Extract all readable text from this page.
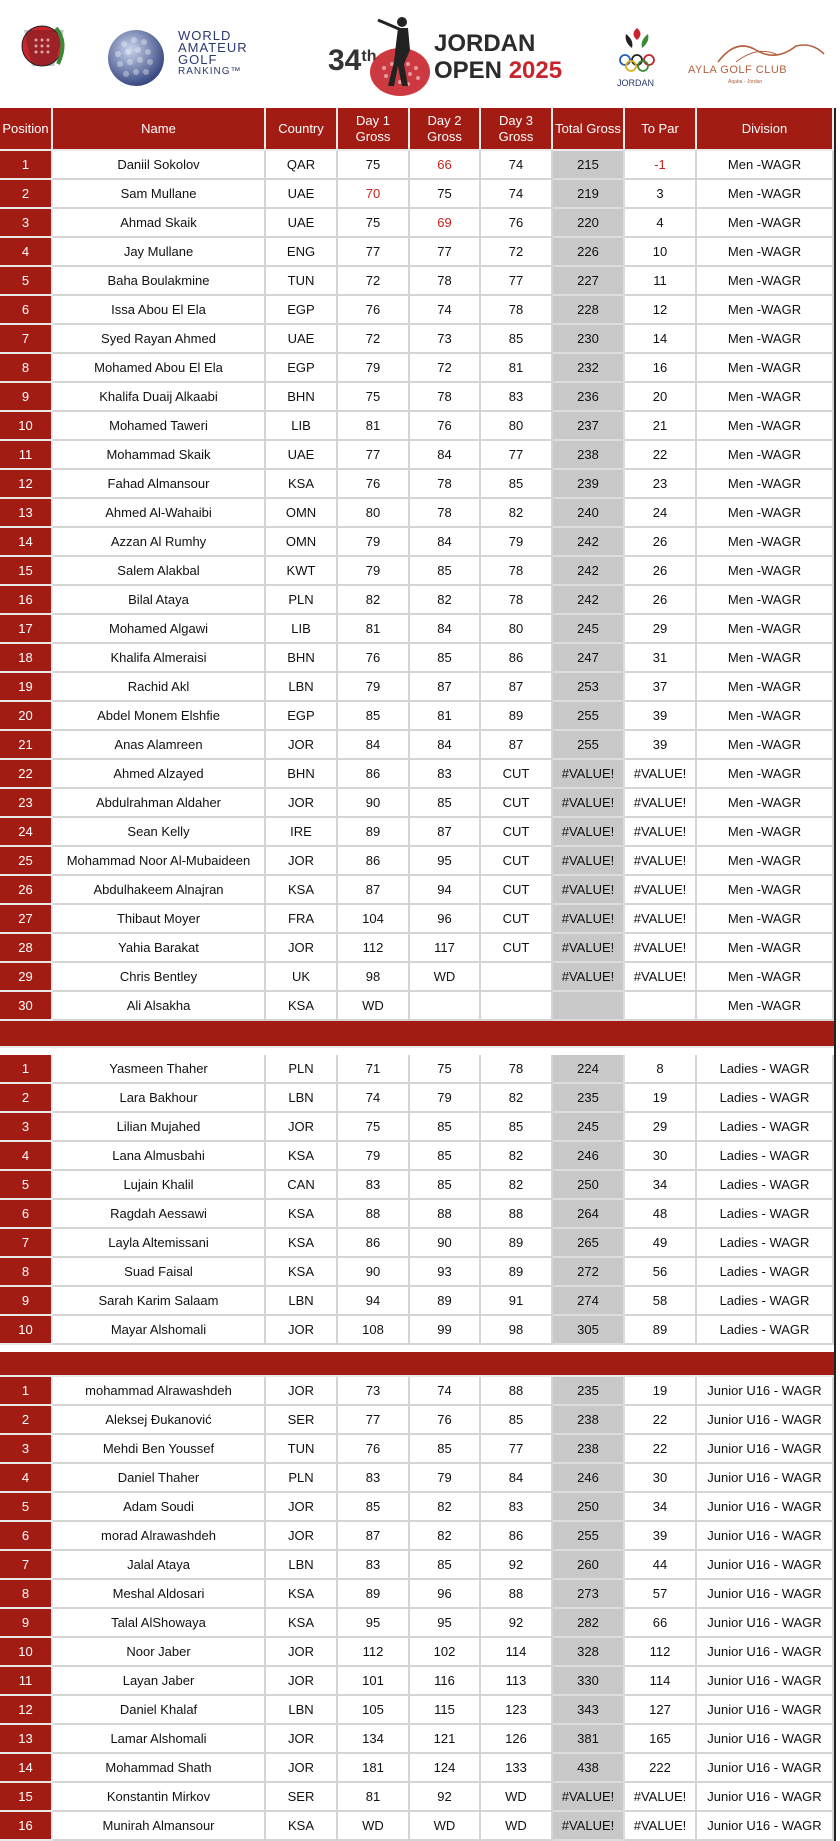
WORLD
AMATEUR
GOLF
RANKING™	34th JORDAN
OPEN 2025	JORDAN
AYLA GOLF CLUB
Aqaba - Jordan
Position	Name	Country	Day 1 Gross	Day 2 Gross	Day 3 Gross	Total Gross	To Par	Division
1	Daniil Sokolov	QAR	75	66	74	215	-1	Men -WAGR
2	Sam Mullane	UAE	70	75	74	219	3	Men -WAGR
3	Ahmad Skaik	UAE	75	69	76	220	4	Men -WAGR
4	Jay Mullane	ENG	77	77	72	226	10	Men -WAGR
5	Baha Boulakmine	TUN	72	78	77	227	11	Men -WAGR
6	Issa Abou El Ela	EGP	76	74	78	228	12	Men -WAGR
7	Syed Rayan Ahmed	UAE	72	73	85	230	14	Men -WAGR
8	Mohamed Abou El Ela	EGP	79	72	81	232	16	Men -WAGR
9	Khalifa Duaij Alkaabi	BHN	75	78	83	236	20	Men -WAGR
10	Mohamed Taweri	LIB	81	76	80	237	21	Men -WAGR
11	Mohammad Skaik	UAE	77	84	77	238	22	Men -WAGR
12	Fahad Almansour	KSA	76	78	85	239	23	Men -WAGR
13	Ahmed Al-Wahaibi	OMN	80	78	82	240	24	Men -WAGR
14	Azzan Al Rumhy	OMN	79	84	79	242	26	Men -WAGR
15	Salem Alakbal	KWT	79	85	78	242	26	Men -WAGR
16	Bilal Ataya	PLN	82	82	78	242	26	Men -WAGR
17	Mohamed Algawi	LIB	81	84	80	245	29	Men -WAGR
18	Khalifa Almeraisi	BHN	76	85	86	247	31	Men -WAGR
19	Rachid Akl	LBN	79	87	87	253	37	Men -WAGR
20	Abdel Monem Elshfie	EGP	85	81	89	255	39	Men -WAGR
21	Anas Alamreen	JOR	84	84	87	255	39	Men -WAGR
22	Ahmed Alzayed	BHN	86	83	CUT	#VALUE!	#VALUE!	Men -WAGR
23	Abdulrahman Aldaher	JOR	90	85	CUT	#VALUE!	#VALUE!	Men -WAGR
24	Sean Kelly	IRE	89	87	CUT	#VALUE!	#VALUE!	Men -WAGR
25	Mohammad Noor Al-Mubaideen	JOR	86	95	CUT	#VALUE!	#VALUE!	Men -WAGR
26	Abdulhakeem Alnajran	KSA	87	94	CUT	#VALUE!	#VALUE!	Men -WAGR
27	Thibaut Moyer	FRA	104	96	CUT	#VALUE!	#VALUE!	Men -WAGR
28	Yahia Barakat	JOR	112	117	CUT	#VALUE!	#VALUE!	Men -WAGR
29	Chris Bentley	UK	98	WD		#VALUE!	#VALUE!	Men -WAGR
30	Ali Alsakha	KSA	WD					Men -WAGR

1	Yasmeen Thaher	PLN	71	75	78	224	8	Ladies - WAGR
2	Lara Bakhour	LBN	74	79	82	235	19	Ladies - WAGR
3	Lilian Mujahed	JOR	75	85	85	245	29	Ladies - WAGR
4	Lana Almusbahi	KSA	79	85	82	246	30	Ladies - WAGR
5	Lujain Khalil	CAN	83	85	82	250	34	Ladies - WAGR
6	Ragdah Aessawi	KSA	88	88	88	264	48	Ladies - WAGR
7	Layla Altemissani	KSA	86	90	89	265	49	Ladies - WAGR
8	Suad Faisal	KSA	90	93	89	272	56	Ladies - WAGR
9	Sarah Karim Salaam	LBN	94	89	91	274	58	Ladies - WAGR
10	Mayar Alshomali	JOR	108	99	98	305	89	Ladies - WAGR

1	mohammad Alrawashdeh	JOR	73	74	88	235	19	Junior U16 - WAGR
2	Aleksej Đukanović	SER	77	76	85	238	22	Junior U16 - WAGR
3	Mehdi Ben Youssef	TUN	76	85	77	238	22	Junior U16 - WAGR
4	Daniel Thaher	PLN	83	79	84	246	30	Junior U16 - WAGR
5	Adam Soudi	JOR	85	82	83	250	34	Junior U16 - WAGR
6	morad Alrawashdeh	JOR	87	82	86	255	39	Junior U16 - WAGR
7	Jalal Ataya	LBN	83	85	92	260	44	Junior U16 - WAGR
8	Meshal Aldosari	KSA	89	96	88	273	57	Junior U16 - WAGR
9	Talal AlShowaya	KSA	95	95	92	282	66	Junior U16 - WAGR
10	Noor Jaber	JOR	112	102	114	328	112	Junior U16 - WAGR
11	Layan Jaber	JOR	101	116	113	330	114	Junior U16 - WAGR
12	Daniel Khalaf	LBN	105	115	123	343	127	Junior U16 - WAGR
13	Lamar Alshomali	JOR	134	121	126	381	165	Junior U16 - WAGR
14	Mohammad Shath	JOR	181	124	133	438	222	Junior U16 - WAGR
15	Konstantin Mirkov	SER	81	92	WD	#VALUE!	#VALUE!	Junior U16 - WAGR
16	Munirah Almansour	KSA	WD	WD	WD	#VALUE!	#VALUE!	Junior U16 - WAGR
